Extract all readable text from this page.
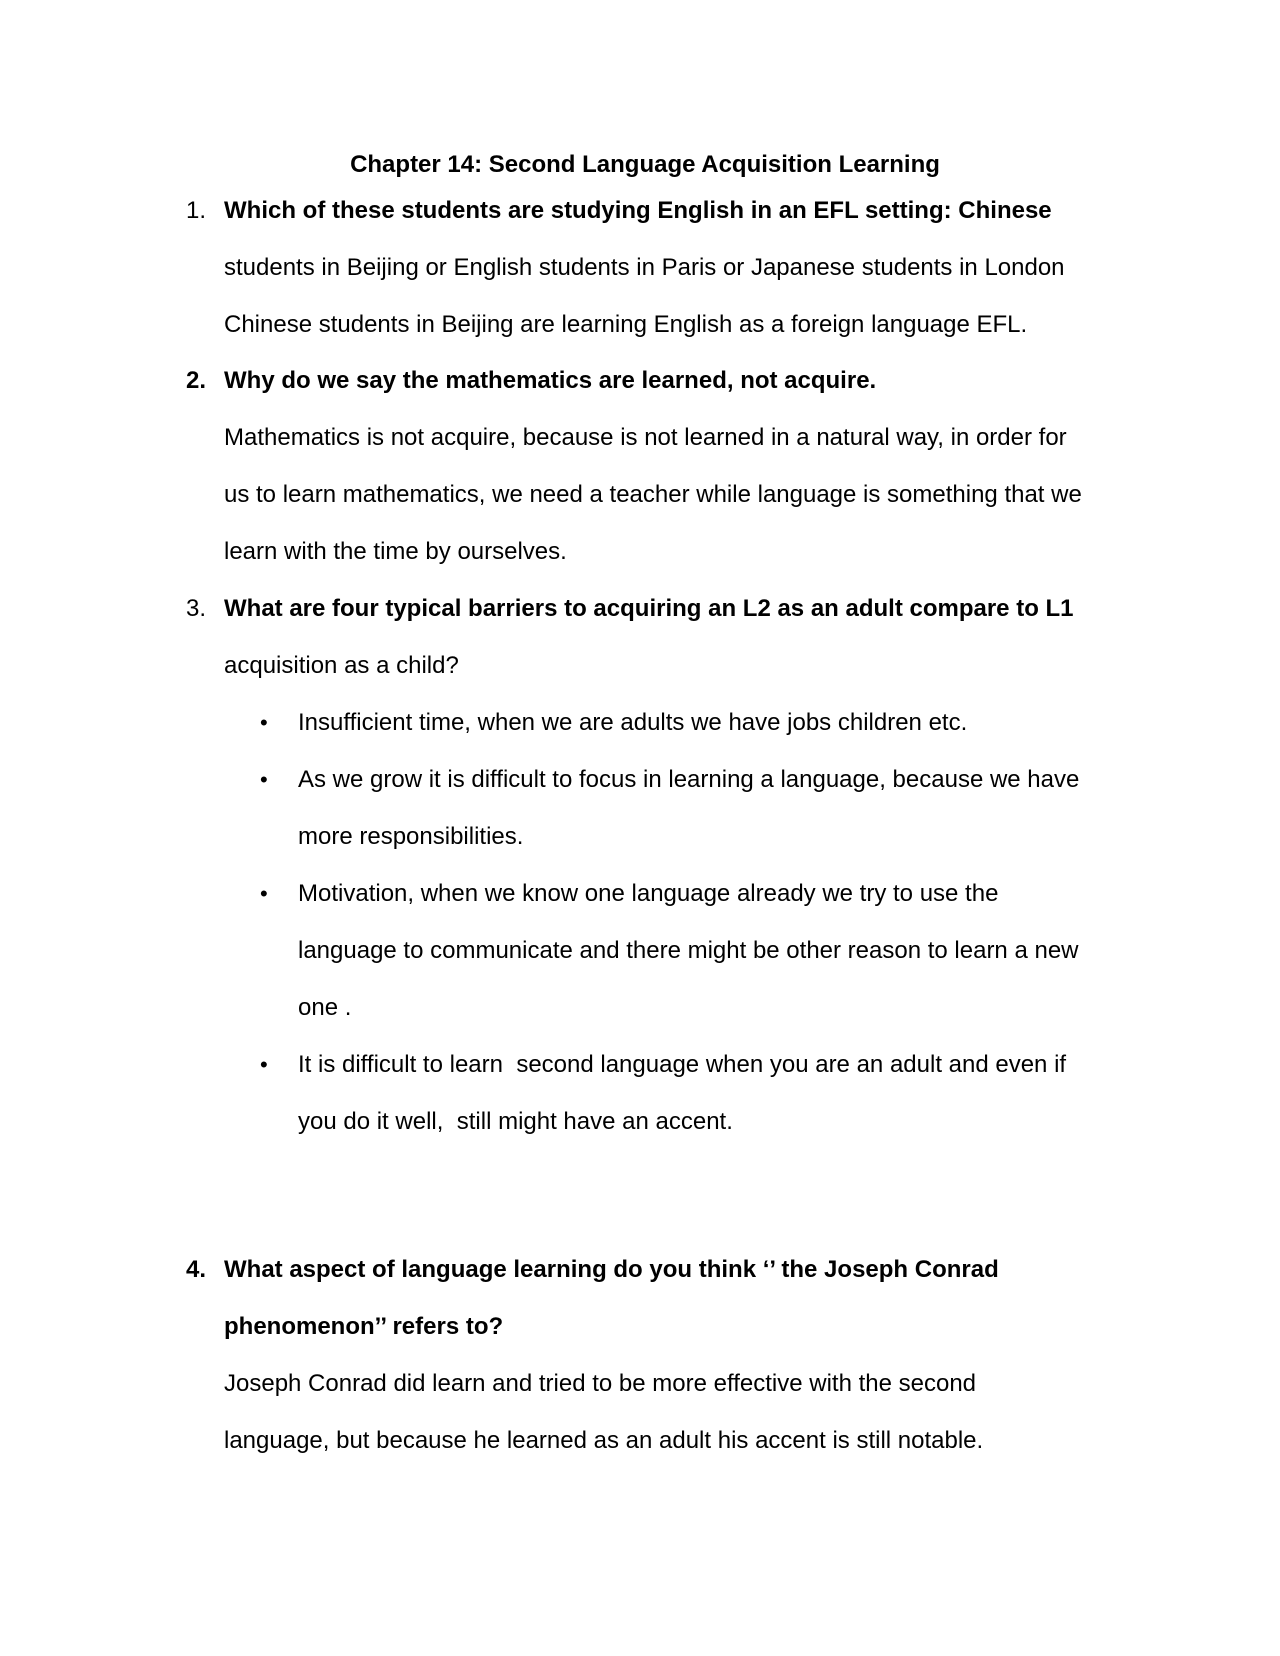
Chapter 14: Second Language Acquisition Learning
1. Which of these students are studying English in an EFL setting: Chinese
students in Beijing or English students in Paris or Japanese students in London
Chinese students in Beijing are learning English as a foreign language EFL.
2. Why do we say the mathematics are learned, not acquire.
Mathematics is not acquire, because is not learned in a natural way, in order for
us to learn mathematics, we need a teacher while language is something that we
learn with the time by ourselves.
3. What are four typical barriers to acquiring an L2 as an adult compare to L1
acquisition as a child?
• Insufficient time, when we are adults we have jobs children etc.
• As we grow it is difficult to focus in learning a language, because we have
more responsibilities.
• Motivation, when we know one language already we try to use the
language to communicate and there might be other reason to learn a new
one .
• It is difficult to learn  second language when you are an adult and even if
you do it well,  still might have an accent.
4. What aspect of language learning do you think ‘’ the Joseph Conrad
phenomenon’’ refers to?
Joseph Conrad did learn and tried to be more effective with the second
language, but because he learned as an adult his accent is still notable.
